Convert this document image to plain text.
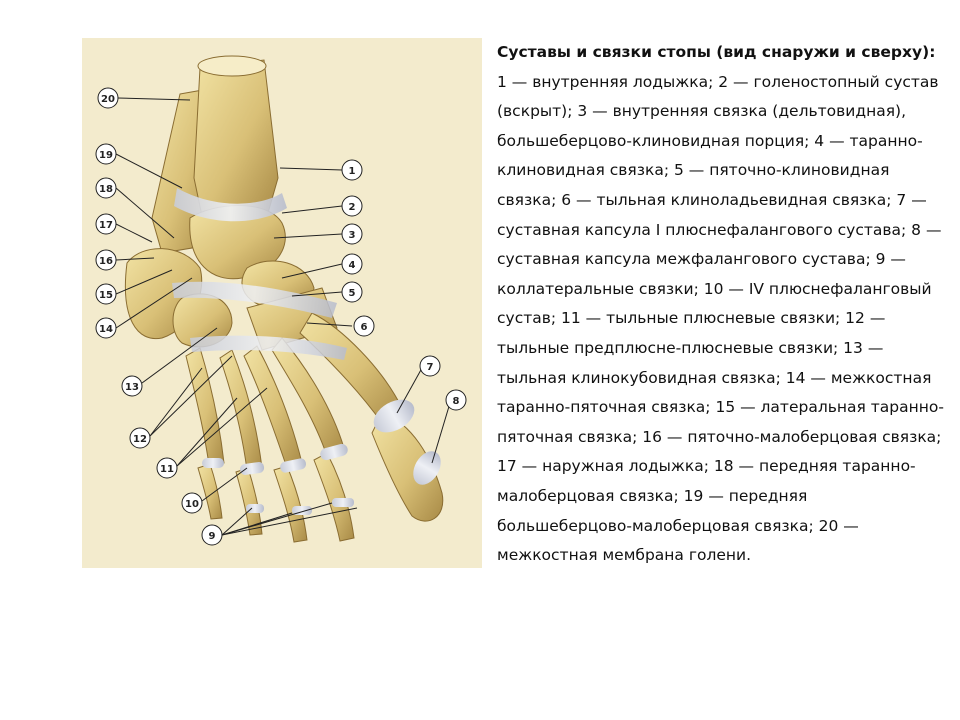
20
19
18
17
16
15
14
13
12
11
10
9
1
2
3
4
5
6
7
8
Суставы и связки стопы (вид снаружи и сверху):
1 — внутренняя лодыжка; 2 — голеностопный сустав (вскрыт); 3 — внутренняя связка (дельтовидная), большеберцово-клиновидная порция; 4 — таранно-клиновидная связка; 5 — пяточно-клиновидная связка; 6 — тыльная клиноладьевидная связка; 7 — суставная капсула I плюснефалангового сустава; 8 — суставная капсула межфалангового сустава; 9 — коллатеральные связки; 10 — IV плюснефаланговый сустав; 11 — тыльные плюсневые связки; 12 — тыльные предплюсне-плюсневые связки; 13 — тыльная клинокубовидная связка; 14 — межкостная таранно-пяточная связка; 15 — латеральная таранно-пяточная связка; 16 — пяточно-малоберцовая связка; 17 — наружная лодыжка; 18 — передняя таранно-малоберцовая связка; 19 — передняя большеберцово-малоберцовая связка; 20 — межкостная мембрана голени.
